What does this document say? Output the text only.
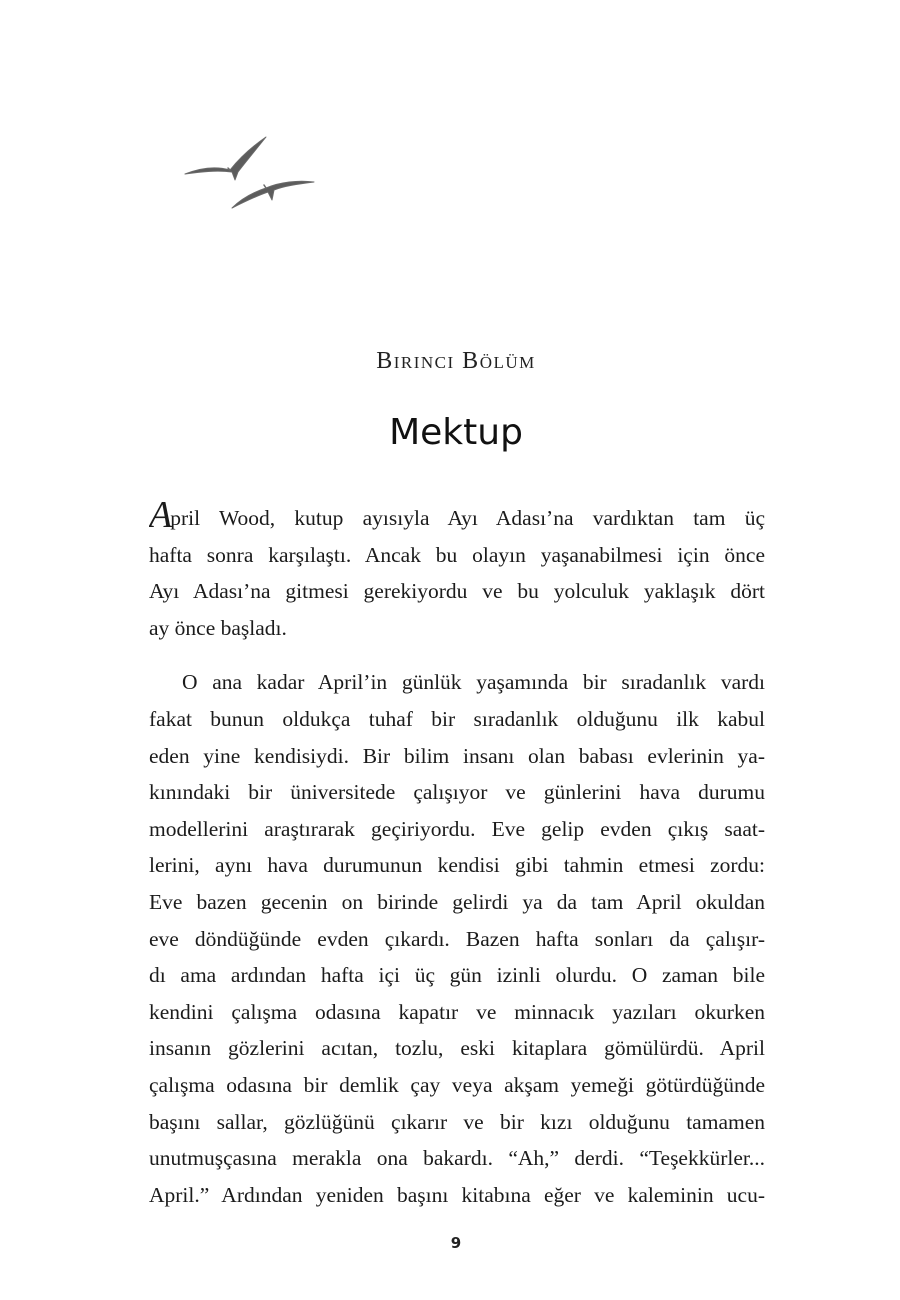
Birinci Bölüm
Mektup
April Wood, kutup ayısıyla Ayı Adası’na vardıktan tam üç
hafta sonra karşılaştı. Ancak bu olayın yaşanabilmesi için önce
Ayı Adası’na gitmesi gerekiyordu ve bu yolculuk yaklaşık dört
ay önce başladı.
O ana kadar April’in günlük yaşamında bir sıradanlık vardı
fakat bunun oldukça tuhaf bir sıradanlık olduğunu ilk kabul
eden yine kendisiydi. Bir bilim insanı olan babası evlerinin ya-
kınındaki bir üniversitede çalışıyor ve günlerini hava durumu
modellerini araştırarak geçiriyordu. Eve gelip evden çıkış saat-
lerini, aynı hava durumunun kendisi gibi tahmin etmesi zordu:
Eve bazen gecenin on birinde gelirdi ya da tam April okuldan
eve döndüğünde evden çıkardı. Bazen hafta sonları da çalışır-
dı ama ardından hafta içi üç gün izinli olurdu. O zaman bile
kendini çalışma odasına kapatır ve minnacık yazıları okurken
insanın gözlerini acıtan, tozlu, eski kitaplara gömülürdü. April
çalışma odasına bir demlik çay veya akşam yemeği götürdüğünde
başını sallar, gözlüğünü çıkarır ve bir kızı olduğunu tamamen
unutmuşçasına merakla ona bakardı. “Ah,” derdi. “Teşekkürler...
April.” Ardından yeniden başını kitabına eğer ve kaleminin ucu-
9
